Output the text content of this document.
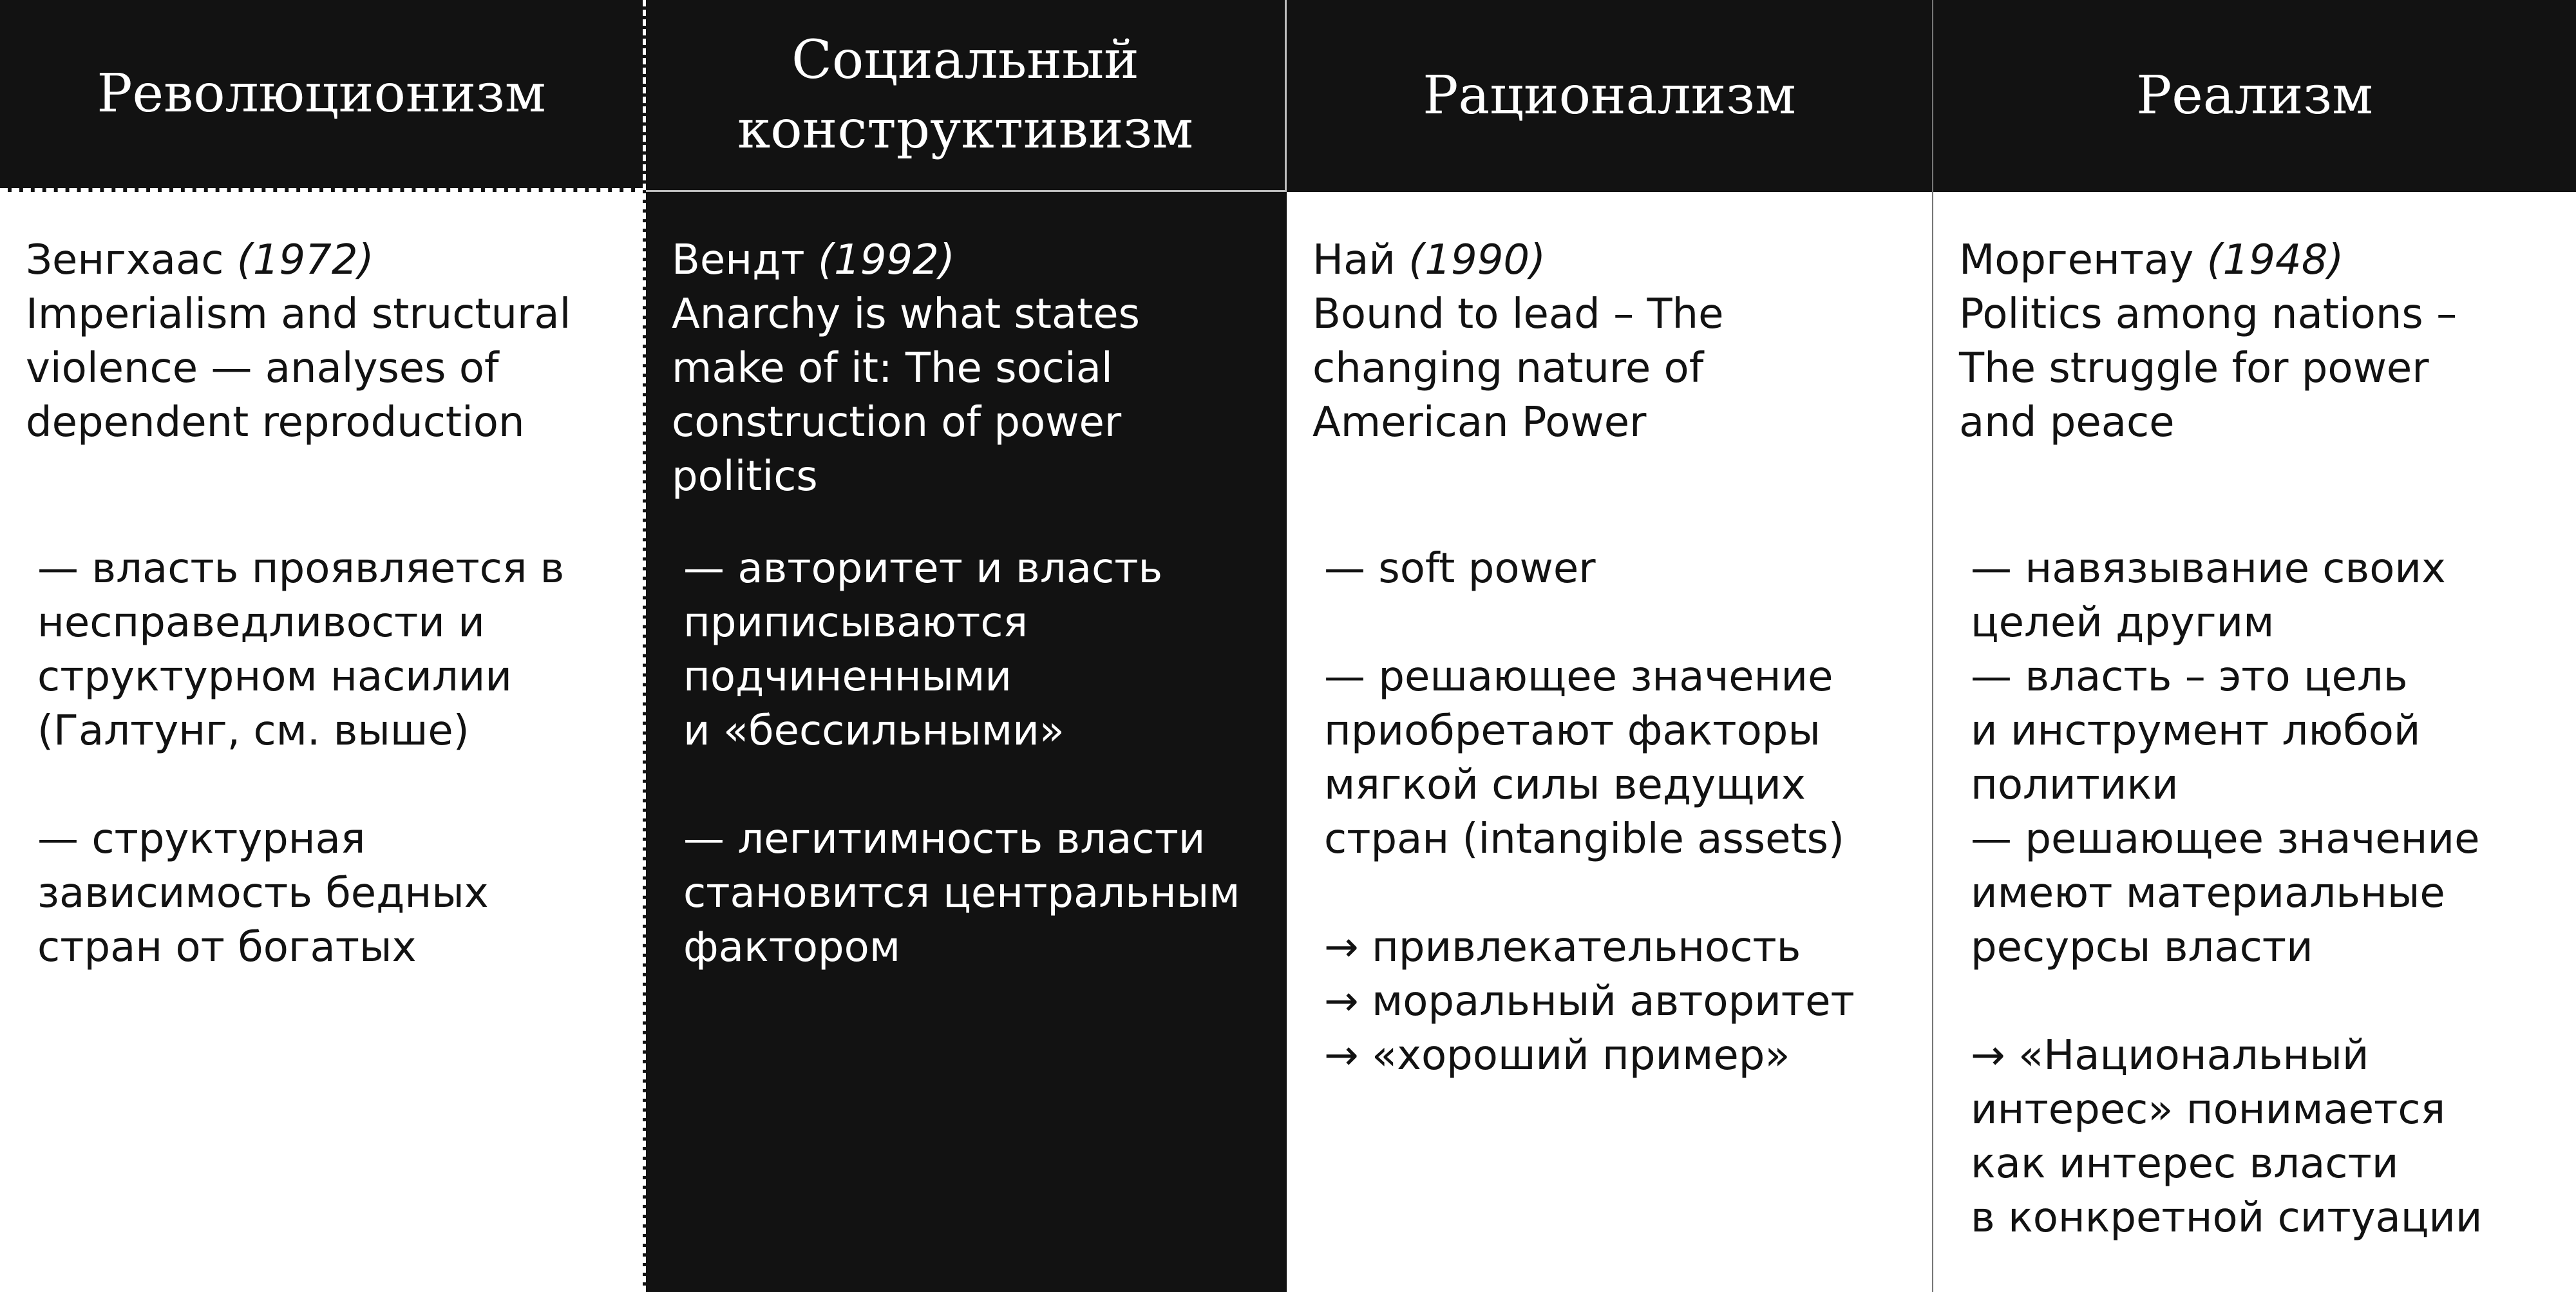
Революционизм
Зенгхаас (1972)
Imperialism and structural
violence — analyses of
dependent reproduction

— власть проявляется в
несправедливости и
структурном насилии
(Галтунг, см. выше)

— структурная
зависимость бедных
стран от богатых

Социальный
конструктивизм
Вендт (1992)
Anarchy is what states
make of it: The social
construction of power
politics

— авторитет и власть
приписываются
подчиненными
и «бессильными»

— легитимность власти
становится центральным
фактором

Рационализм
Най (1990)
Bound to lead – The
changing nature of
American Power

— soft power

— решающее значение
приобретают факторы
мягкой силы ведущих
стран (intangible assets)

→ привлекательность
→ моральный авторитет
→ «хороший пример»

Реализм
Моргентау (1948)
Politics among nations –
The struggle for power
and peace

— навязывание своих
целей другим
— власть – это цель
и инструмент любой
политики
— решающее значение
имеют материальные
ресурсы власти

→ «Национальный
интерес» понимается
как интерес власти
в конкретной ситуации
